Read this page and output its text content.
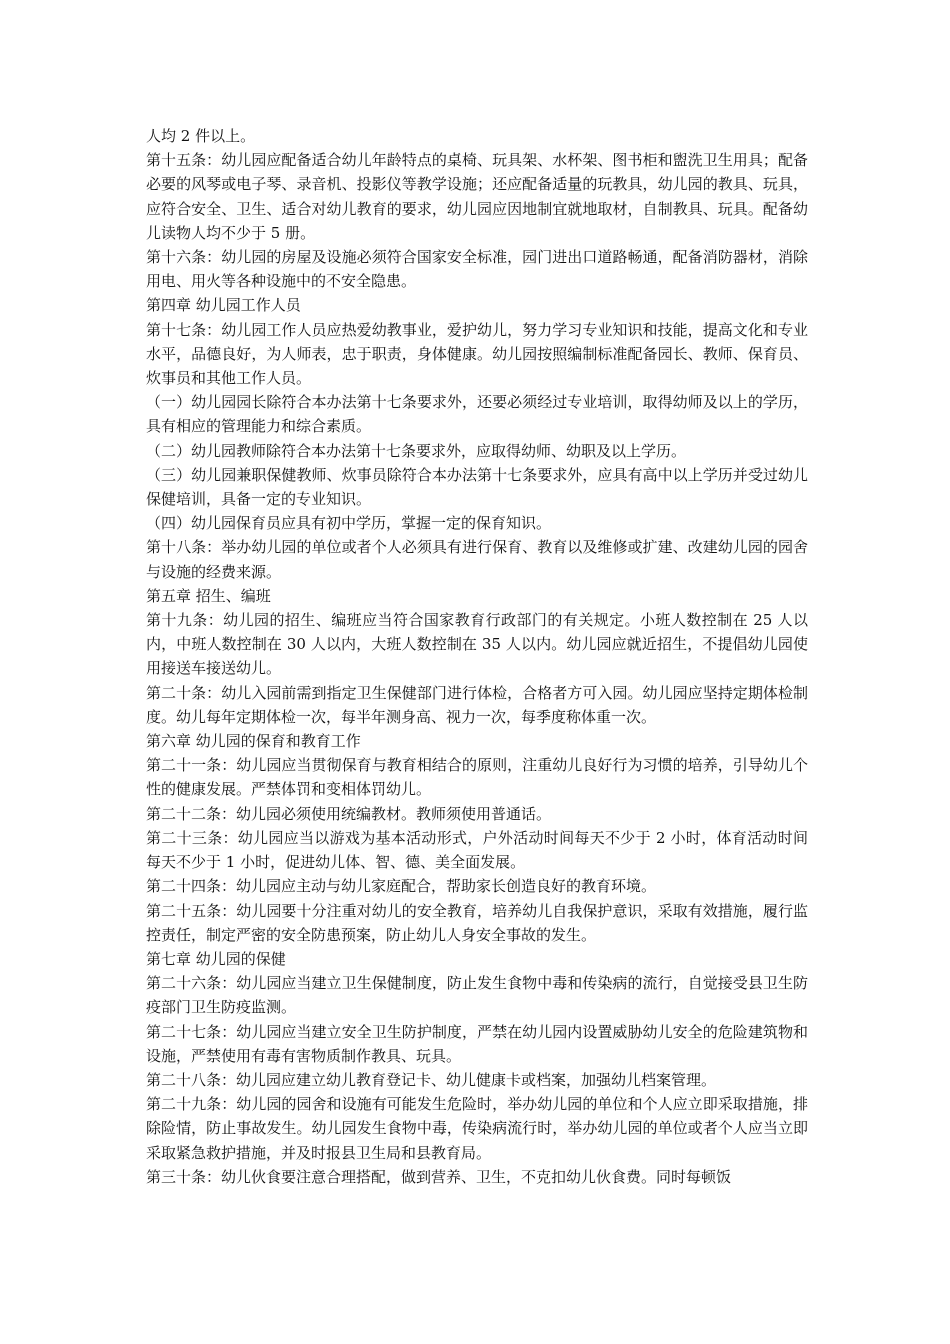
人均 2 件以上。

第十五条：幼儿园应配备适合幼儿年龄特点的桌椅、玩具架、水杯架、图书柜和盥洗卫生用具；配备必要的风琴或电子琴、录音机、投影仪等教学设施；还应配备适量的玩教具，幼儿园的教具、玩具，应符合安全、卫生、适合对幼儿教育的要求，幼儿园应因地制宜就地取材，自制教具、玩具。配备幼儿读物人均不少于 5 册。

第十六条：幼儿园的房屋及设施必须符合国家安全标准，园门进出口道路畅通，配备消防器材，消除用电、用火等各种设施中的不安全隐患。

第四章 幼儿园工作人员

第十七条：幼儿园工作人员应热爱幼教事业，爱护幼儿，努力学习专业知识和技能，提高文化和专业水平，品德良好，为人师表，忠于职责，身体健康。幼儿园按照编制标准配备园长、教师、保育员、炊事员和其他工作人员。

（一）幼儿园园长除符合本办法第十七条要求外，还要必须经过专业培训，取得幼师及以上的学历，具有相应的管理能力和综合素质。

（二）幼儿园教师除符合本办法第十七条要求外，应取得幼师、幼职及以上学历。

（三）幼儿园兼职保健教师、炊事员除符合本办法第十七条要求外，应具有高中以上学历并受过幼儿保健培训，具备一定的专业知识。

（四）幼儿园保育员应具有初中学历，掌握一定的保育知识。

第十八条：举办幼儿园的单位或者个人必须具有进行保育、教育以及维修或扩建、改建幼儿园的园舍与设施的经费来源。

第五章 招生、编班

第十九条：幼儿园的招生、编班应当符合国家教育行政部门的有关规定。小班人数控制在 25 人以内，中班人数控制在 30 人以内，大班人数控制在 35 人以内。幼儿园应就近招生，不提倡幼儿园使用接送车接送幼儿。

第二十条：幼儿入园前需到指定卫生保健部门进行体检，合格者方可入园。幼儿园应坚持定期体检制度。幼儿每年定期体检一次，每半年测身高、视力一次，每季度称体重一次。

第六章 幼儿园的保育和教育工作

第二十一条：幼儿园应当贯彻保育与教育相结合的原则，注重幼儿良好行为习惯的培养，引导幼儿个性的健康发展。严禁体罚和变相体罚幼儿。

第二十二条：幼儿园必须使用统编教材。教师须使用普通话。

第二十三条：幼儿园应当以游戏为基本活动形式，户外活动时间每天不少于 2 小时，体育活动时间每天不少于 1 小时，促进幼儿体、智、德、美全面发展。

第二十四条：幼儿园应主动与幼儿家庭配合，帮助家长创造良好的教育环境。

第二十五条：幼儿园要十分注重对幼儿的安全教育，培养幼儿自我保护意识，采取有效措施，履行监控责任，制定严密的安全防患预案，防止幼儿人身安全事故的发生。

第七章 幼儿园的保健

第二十六条：幼儿园应当建立卫生保健制度，防止发生食物中毒和传染病的流行，自觉接受县卫生防疫部门卫生防疫监测。

第二十七条：幼儿园应当建立安全卫生防护制度，严禁在幼儿园内设置威胁幼儿安全的危险建筑物和设施，严禁使用有毒有害物质制作教具、玩具。

第二十八条：幼儿园应建立幼儿教育登记卡、幼儿健康卡或档案，加强幼儿档案管理。

第二十九条：幼儿园的园舍和设施有可能发生危险时，举办幼儿园的单位和个人应立即采取措施，排除险情，防止事故发生。幼儿园发生食物中毒，传染病流行时，举办幼儿园的单位或者个人应当立即采取紧急救护措施，并及时报县卫生局和县教育局。

第三十条：幼儿伙食要注意合理搭配，做到营养、卫生，不克扣幼儿伙食费。同时每顿饭
